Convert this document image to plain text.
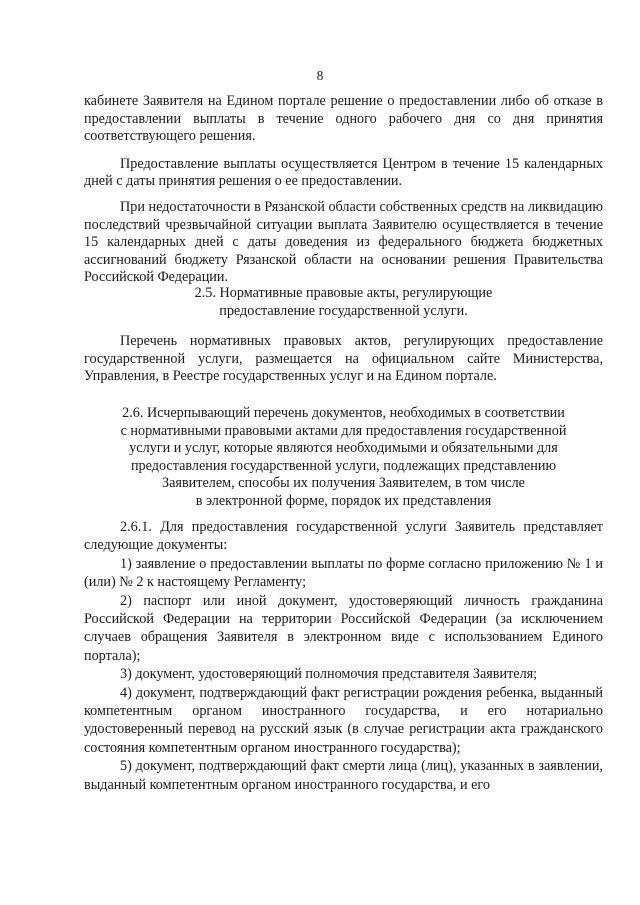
8

кабинете Заявителя на Едином портале решение о предоставлении либо об отказе в предоставлении выплаты в течение одного рабочего дня со дня принятия соответствующего решения.

Предоставление выплаты осуществляется Центром в течение 15 календарных дней с даты принятия решения о ее предоставлении.

При недостаточности в Рязанской области собственных средств на ликвидацию последствий чрезвычайной ситуации выплата Заявителю осуществляется в течение 15 календарных дней с даты доведения из федерального бюджета бюджетных ассигнований бюджету Рязанской области на основании решения Правительства Российской Федерации.

2.5. Нормативные правовые акты, регулирующие
предоставление государственной услуги.

Перечень нормативных правовых актов, регулирующих предоставление государственной услуги, размещается на официальном сайте Министерства, Управления, в Реестре государственных услуг и на Едином портале.

2.6. Исчерпывающий перечень документов, необходимых в соответствии
с нормативными правовыми актами для предоставления государственной
услуги и услуг, которые являются необходимыми и обязательными для
предоставления государственной услуги, подлежащих представлению
Заявителем, способы их получения Заявителем, в том числе
в электронной форме, порядок их представления

2.6.1. Для предоставления государственной услуги Заявитель представляет следующие документы:

1) заявление о предоставлении выплаты по форме согласно приложению № 1 и (или) № 2 к настоящему Регламенту;

2) паспорт или иной документ, удостоверяющий личность гражданина Российской Федерации на территории Российской Федерации (за исключением случаев обращения Заявителя в электронном виде с использованием Единого портала);

3) документ, удостоверяющий полномочия представителя Заявителя;

4) документ, подтверждающий факт регистрации рождения ребенка, выданный компетентным органом иностранного государства, и его нотариально удостоверенный перевод на русский язык (в случае регистрации акта гражданского состояния компетентным органом иностранного государства);

5) документ, подтверждающий факт смерти лица (лиц), указанных в заявлении, выданный компетентным органом иностранного государства, и его
